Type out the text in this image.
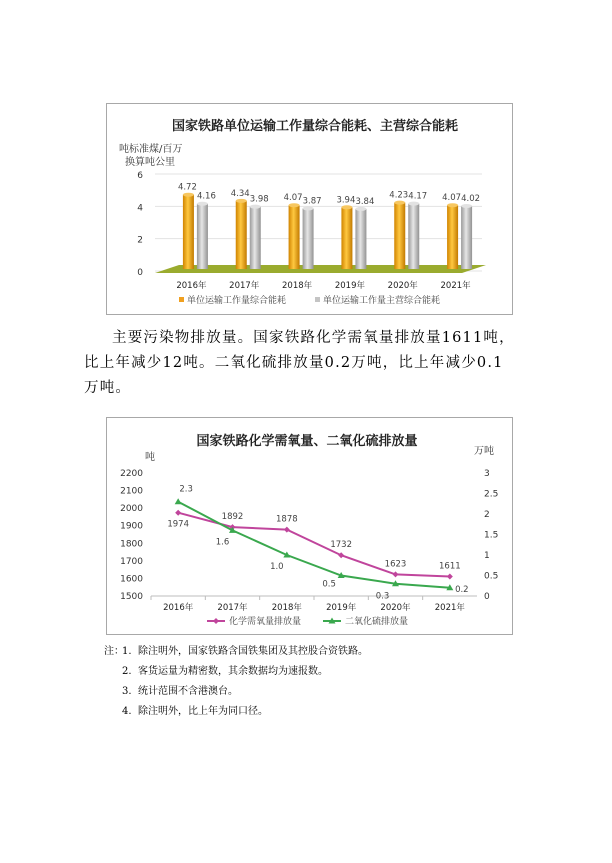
国家铁路单位运输工作量综合能耗、主营综合能耗
吨标准煤/百万
换算吨公里
0
2
4
6
4.72
4.16
2016年
4.34
3.98
2017年
4.07 3.87
2018年
3.94 3.84
2019年
4.23 4.17
2020年
4.07 4.02
2021年
单位运输工作量综合能耗	单位运输工作量主营综合能耗

主要污染物排放量。国家铁路化学需氧量排放量1611吨，
比上年减少12吨。二氧化硫排放量0.2万吨，比上年减少0.1
万吨。

国家铁路化学需氧量、二氧化硫排放量
吨
万吨
1500
1600
1700
1800
1900
2000
2100
2200
0
0.5
1
1.5
2
2.5
3
2016年	2017年	2018年	2019年	2020年	2021年
1974
1892	1878
1732
1623	1611
2.3
1.6
1.0
0.5
0.3
0.2
化学需氧量排放量	二氧化硫排放量
注：
1. 除注明外，国家铁路含国铁集团及其控股合资铁路。
2. 客货运量为精密数，其余数据均为速报数。
3. 统计范围不含港澳台。
4. 除注明外，比上年为同口径。
